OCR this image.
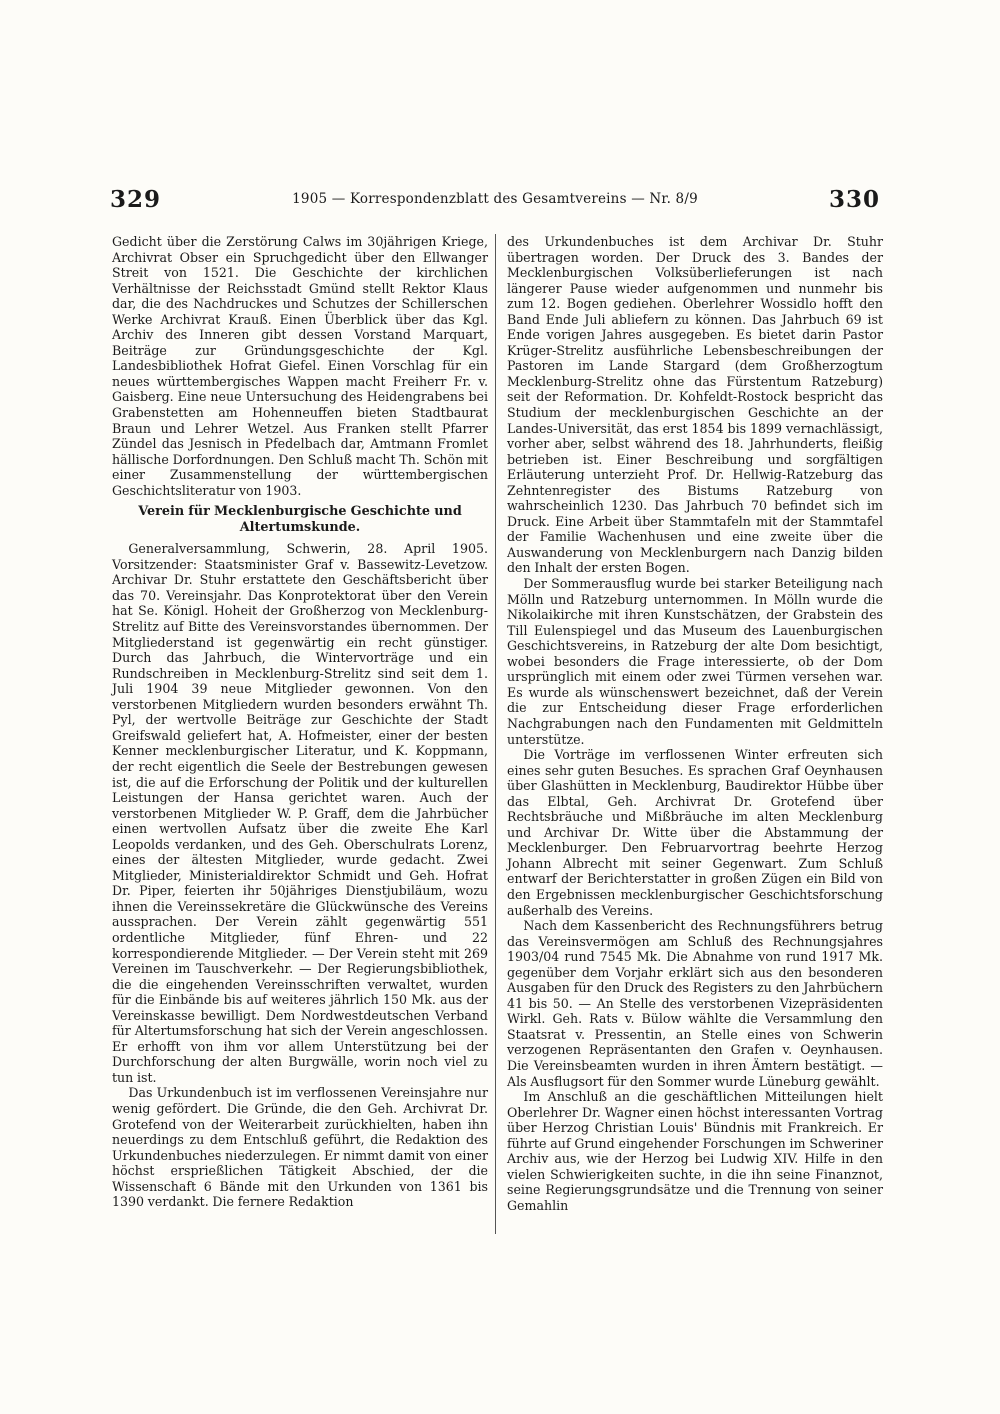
329	1905 — Korrespondenzblatt des Gesamtvereins — Nr. 8/9	330

Gedicht über die Zerstörung Calws im 30jährigen Kriege, Archivrat Obser ein Spruchgedicht über den Ellwanger Streit von 1521. Die Geschichte der kirchlichen Verhältnisse der Reichsstadt Gmünd stellt Rektor Klaus dar, die des Nachdruckes und Schutzes der Schillerschen Werke Archivrat Krauß. Einen Überblick über das Kgl. Archiv des Inneren gibt dessen Vorstand Marquart, Beiträge zur Gründungsgeschichte der Kgl. Landesbibliothek Hofrat Giefel. Einen Vorschlag für ein neues württembergisches Wappen macht Freiherr Fr. v. Gaisberg. Eine neue Untersuchung des Heidengrabens bei Grabenstetten am Hohenneuffen bieten Stadtbaurat Braun und Lehrer Wetzel. Aus Franken stellt Pfarrer Zündel das Jesnisch in Pfedelbach dar, Amtmann Fromlet hällische Dorfordnungen. Den Schluß macht Th. Schön mit einer Zusammenstellung der württembergischen Geschichtsliteratur von 1903.

Verein für Mecklenburgische Geschichte und Altertumskunde.

Generalversammlung, Schwerin, 28. April 1905. Vorsitzender: Staatsminister Graf v. Bassewitz-Levetzow. Archivar Dr. Stuhr erstattete den Geschäftsbericht über das 70. Vereinsjahr. Das Konprotektorat über den Verein hat Se. Königl. Hoheit der Großherzog von Mecklenburg-Strelitz auf Bitte des Vereinsvorstandes übernommen. Der Mitgliederstand ist gegenwärtig ein recht günstiger. Durch das Jahrbuch, die Wintervorträge und ein Rundschreiben in Mecklenburg-Strelitz sind seit dem 1. Juli 1904 39 neue Mitglieder gewonnen. Von den verstorbenen Mitgliedern wurden besonders erwähnt Th. Pyl, der wertvolle Beiträge zur Geschichte der Stadt Greifswald geliefert hat, A. Hofmeister, einer der besten Kenner mecklenburgischer Literatur, und K. Koppmann, der recht eigentlich die Seele der Bestrebungen gewesen ist, die auf die Erforschung der Politik und der kulturellen Leistungen der Hansa gerichtet waren. Auch der verstorbenen Mitglieder W. P. Graff, dem die Jahrbücher einen wertvollen Aufsatz über die zweite Ehe Karl Leopolds verdanken, und des Geh. Oberschulrats Lorenz, eines der ältesten Mitglieder, wurde gedacht. Zwei Mitglieder, Ministerialdirektor Schmidt und Geh. Hofrat Dr. Piper, feierten ihr 50jähriges Dienstjubiläum, wozu ihnen die Vereinssekretäre die Glückwünsche des Vereins aussprachen. Der Verein zählt gegenwärtig 551 ordentliche Mitglieder, fünf Ehren- und 22 korrespondierende Mitglieder. — Der Verein steht mit 269 Vereinen im Tauschverkehr. — Der Regierungsbibliothek, die die eingehenden Vereinsschriften verwaltet, wurden für die Einbände bis auf weiteres jährlich 150 Mk. aus der Vereinskasse bewilligt. Dem Nordwestdeutschen Verband für Altertumsforschung hat sich der Verein angeschlossen. Er erhofft von ihm vor allem Unterstützung bei der Durchforschung der alten Burgwälle, worin noch viel zu tun ist.

Das Urkundenbuch ist im verflossenen Vereinsjahre nur wenig gefördert. Die Gründe, die den Geh. Archivrat Dr. Grotefend von der Weiterarbeit zurückhielten, haben ihn neuerdings zu dem Entschluß geführt, die Redaktion des Urkundenbuches niederzulegen. Er nimmt damit von einer höchst ersprießlichen Tätigkeit Abschied, der die Wissenschaft 6 Bände mit den Urkunden von 1361 bis 1390 verdankt. Die fernere Redaktion

des Urkundenbuches ist dem Archivar Dr. Stuhr übertragen worden. Der Druck des 3. Bandes der Mecklenburgischen Volksüberlieferungen ist nach längerer Pause wieder aufgenommen und nunmehr bis zum 12. Bogen gediehen. Oberlehrer Wossidlo hofft den Band Ende Juli abliefern zu können. Das Jahrbuch 69 ist Ende vorigen Jahres ausgegeben. Es bietet darin Pastor Krüger-Strelitz ausführliche Lebensbeschreibungen der Pastoren im Lande Stargard (dem Großherzogtum Mecklenburg-Strelitz ohne das Fürstentum Ratzeburg) seit der Reformation. Dr. Kohfeldt-Rostock bespricht das Studium der mecklenburgischen Geschichte an der Landes-Universität, das erst 1854 bis 1899 vernachlässigt, vorher aber, selbst während des 18. Jahrhunderts, fleißig betrieben ist. Einer Beschreibung und sorgfältigen Erläuterung unterzieht Prof. Dr. Hellwig-Ratzeburg das Zehntenregister des Bistums Ratzeburg von wahrscheinlich 1230. Das Jahrbuch 70 befindet sich im Druck. Eine Arbeit über Stammtafeln mit der Stammtafel der Familie Wachenhusen und eine zweite über die Auswanderung von Mecklenburgern nach Danzig bilden den Inhalt der ersten Bogen.

Der Sommerausflug wurde bei starker Beteiligung nach Mölln und Ratzeburg unternommen. In Mölln wurde die Nikolaikirche mit ihren Kunstschätzen, der Grabstein des Till Eulenspiegel und das Museum des Lauenburgischen Geschichtsvereins, in Ratzeburg der alte Dom besichtigt, wobei besonders die Frage interessierte, ob der Dom ursprünglich mit einem oder zwei Türmen versehen war. Es wurde als wünschenswert bezeichnet, daß der Verein die zur Entscheidung dieser Frage erforderlichen Nachgrabungen nach den Fundamenten mit Geldmitteln unterstütze.

Die Vorträge im verflossenen Winter erfreuten sich eines sehr guten Besuches. Es sprachen Graf Oeynhausen über Glashütten in Mecklenburg, Baudirektor Hübbe über das Elbtal, Geh. Archivrat Dr. Grotefend über Rechtsbräuche und Mißbräuche im alten Mecklenburg und Archivar Dr. Witte über die Abstammung der Mecklenburger. Den Februarvortrag beehrte Herzog Johann Albrecht mit seiner Gegenwart. Zum Schluß entwarf der Berichterstatter in großen Zügen ein Bild von den Ergebnissen mecklenburgischer Geschichtsforschung außerhalb des Vereins.

Nach dem Kassenbericht des Rechnungsführers betrug das Vereinsvermögen am Schluß des Rechnungsjahres 1903/04 rund 7545 Mk. Die Abnahme von rund 1917 Mk. gegenüber dem Vorjahr erklärt sich aus den besonderen Ausgaben für den Druck des Registers zu den Jahrbüchern 41 bis 50. — An Stelle des verstorbenen Vizepräsidenten Wirkl. Geh. Rats v. Bülow wählte die Versammlung den Staatsrat v. Pressentin, an Stelle eines von Schwerin verzogenen Repräsentanten den Grafen v. Oeynhausen. Die Vereinsbeamten wurden in ihren Ämtern bestätigt. — Als Ausflugsort für den Sommer wurde Lüneburg gewählt.

Im Anschluß an die geschäftlichen Mitteilungen hielt Oberlehrer Dr. Wagner einen höchst interessanten Vortrag über Herzog Christian Louis' Bündnis mit Frankreich. Er führte auf Grund eingehender Forschungen im Schweriner Archiv aus, wie der Herzog bei Ludwig XIV. Hilfe in den vielen Schwierigkeiten suchte, in die ihn seine Finanznot, seine Regierungsgrundsätze und die Trennung von seiner Gemahlin
